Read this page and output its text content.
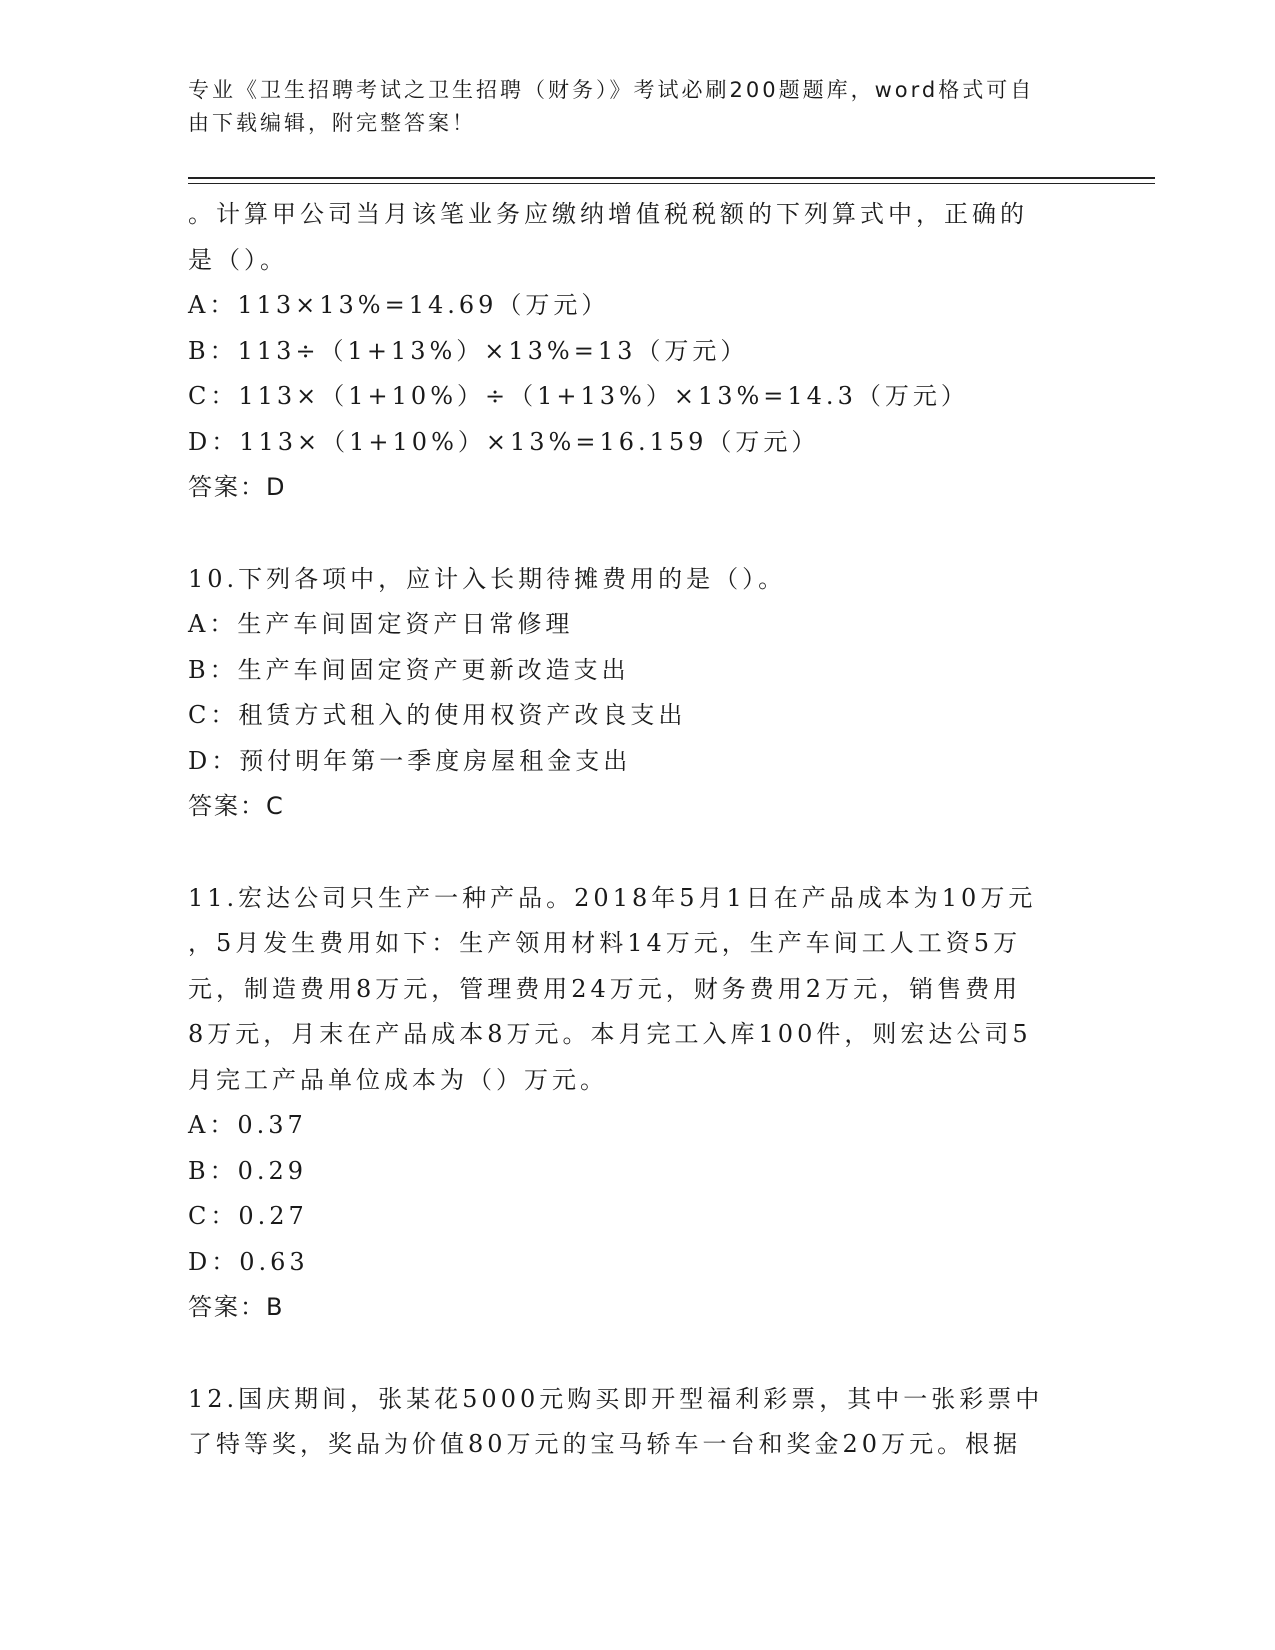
专业《卫生招聘考试之卫生招聘（财务）》考试必刷200题题库，word格式可自
由下载编辑，附完整答案！
。计算甲公司当月该笔业务应缴纳增值税税额的下列算式中，正确的
是（）。
A：113×13%=14.69（万元）
B：113÷（1+13%）×13%=13（万元）
C：113×（1+10%）÷（1+13%）×13%=14.3（万元）
D：113×（1+10%）×13%=16.159（万元）
答案：D
10.下列各项中，应计入长期待摊费用的是（）。
A：生产车间固定资产日常修理
B：生产车间固定资产更新改造支出
C：租赁方式租入的使用权资产改良支出
D：预付明年第一季度房屋租金支出
答案：C
11.宏达公司只生产一种产品。2018年5月1日在产品成本为10万元
，5月发生费用如下：生产领用材料14万元，生产车间工人工资5万
元，制造费用8万元，管理费用24万元，财务费用2万元，销售费用
8万元，月末在产品成本8万元。本月完工入库100件，则宏达公司5
月完工产品单位成本为（）万元。
A：0.37
B：0.29
C：0.27
D：0.63
答案：B
12.国庆期间，张某花5000元购买即开型福利彩票，其中一张彩票中
了特等奖，奖品为价值80万元的宝马轿车一台和奖金20万元。根据
